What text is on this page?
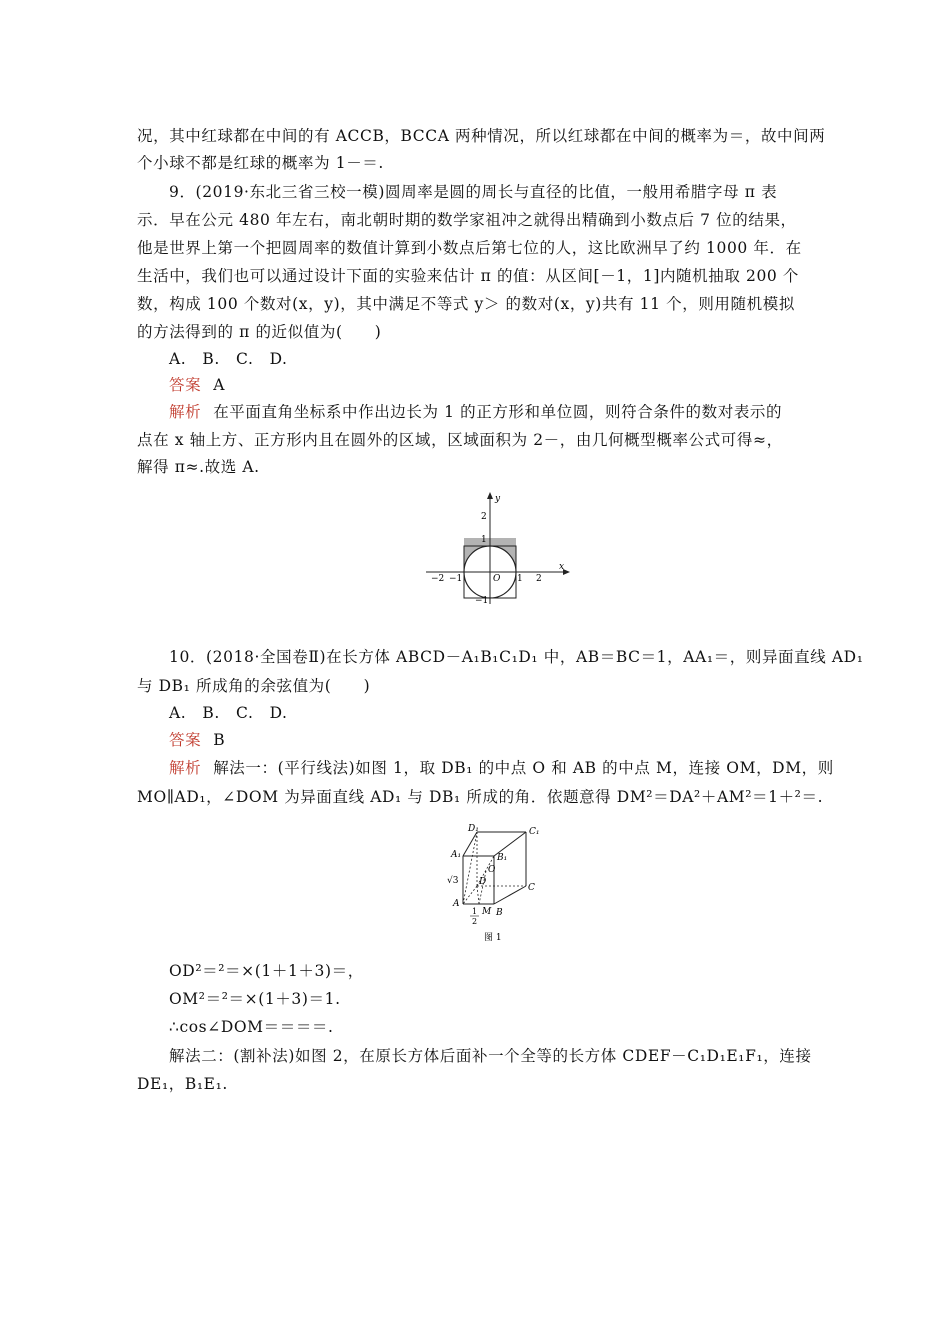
况，其中红球都在中间的有 ACCB，BCCA 两种情况，所以红球都在中间的概率为＝，故中间两
个小球不都是红球的概率为 1－＝.
9．(2019·东北三省三校一模)圆周率是圆的周长与直径的比值，一般用希腊字母 π 表
示．早在公元 480 年左右，南北朝时期的数学家祖冲之就得出精确到小数点后 7 位的结果，
他是世界上第一个把圆周率的数值计算到小数点后第七位的人，这比欧洲早了约 1000 年．在
生活中，我们也可以通过设计下面的实验来估计 π 的值：从区间[－1，1]内随机抽取 200 个
数，构成 100 个数对(x，y)，其中满足不等式 y＞ 的数对(x，y)共有 11 个，则用随机模拟
的方法得到的 π 的近似值为(　　)
A.　B.　C.　D.
答案 A
解析 在平面直角坐标系中作出边长为 1 的正方形和单位圆，则符合条件的数对表示的
点在 x 轴上方、正方形内且在圆外的区域，区域面积为 2－，由几何概型概率公式可得≈，
解得 π≈.故选 A.
x
y
O
−2 −1	1 2
2
1
−1
10．(2018·全国卷Ⅱ)在长方体 ABCD－A₁B₁C₁D₁ 中，AB＝BC＝1，AA₁＝，则异面直线 AD₁
与 DB₁ 所成角的余弦值为(　　)
A.　B.　C.　D.
答案 B
解析 解法一：(平行线法)如图 1，取 DB₁ 的中点 O 和 AB 的中点 M，连接 OM，DM，则
MO∥AD₁，∠DOM 为异面直线 AD₁ 与 DB₁ 所成的角．依题意得 DM²＝DA²＋AM²＝1＋²＝.
D₁	C₁
A₁	B₁
O
D
C
A
B
M
√3
1
2
图 1
OD²＝²＝×(1＋1＋3)＝，
OM²＝²＝×(1＋3)＝1.
∴cos∠DOM＝＝＝＝.
解法二：(割补法)如图 2，在原长方体后面补一个全等的长方体 CDEF－C₁D₁E₁F₁，连接
DE₁，B₁E₁.
